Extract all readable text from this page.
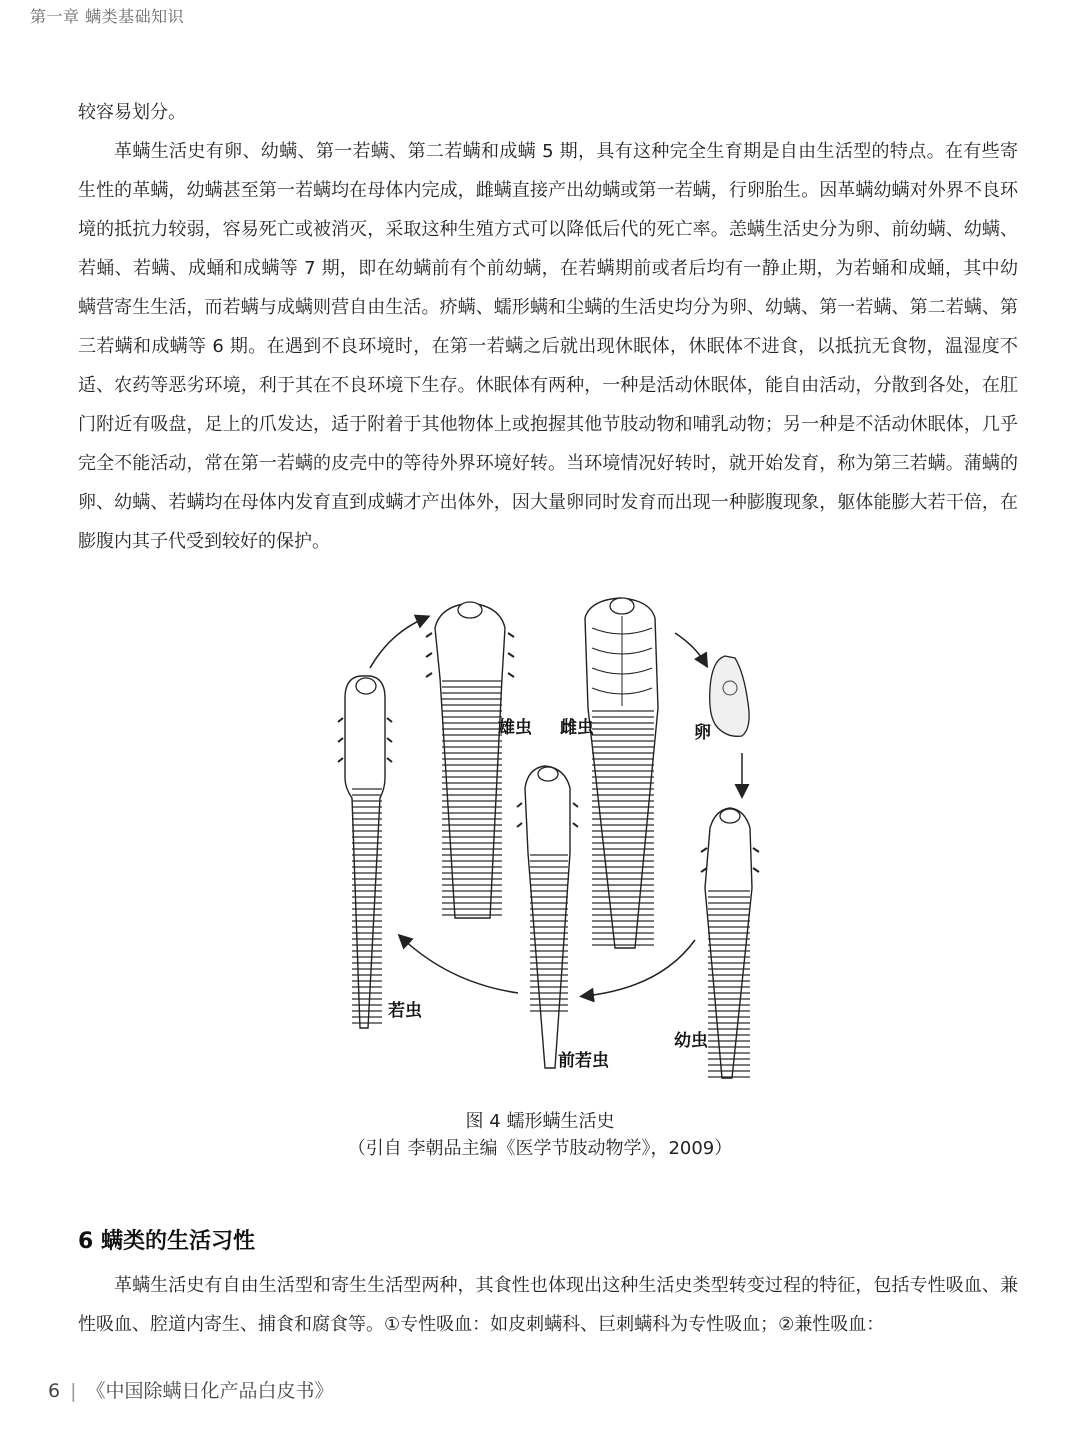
第一章 螨类基础知识

较容易划分。

革螨生活史有卵、幼螨、第一若螨、第二若螨和成螨 5 期，具有这种完全生育期是自由生活型的特点。在有些寄生性的革螨，幼螨甚至第一若螨均在母体内完成，雌螨直接产出幼螨或第一若螨，行卵胎生。因革螨幼螨对外界不良环境的抵抗力较弱，容易死亡或被消灭，采取这种生殖方式可以降低后代的死亡率。恙螨生活史分为卵、前幼螨、幼螨、若蛹、若螨、成蛹和成螨等 7 期，即在幼螨前有个前幼螨，在若螨期前或者后均有一静止期，为若蛹和成蛹，其中幼螨营寄生生活，而若螨与成螨则营自由生活。疥螨、蠕形螨和尘螨的生活史均分为卵、幼螨、第一若螨、第二若螨、第三若螨和成螨等 6 期。在遇到不良环境时，在第一若螨之后就出现休眠体，休眠体不进食，以抵抗无食物，温湿度不适、农药等恶劣环境，利于其在不良环境下生存。休眠体有两种，一种是活动休眠体，能自由活动，分散到各处，在肛门附近有吸盘，足上的爪发达，适于附着于其他物体上或抱握其他节肢动物和哺乳动物；另一种是不活动休眠体，几乎完全不能活动，常在第一若螨的皮壳中的等待外界环境好转。当环境情况好转时，就开始发育，称为第三若螨。蒲螨的卵、幼螨、若螨均在母体内发育直到成螨才产出体外，因大量卵同时发育而出现一种膨腹现象，躯体能膨大若干倍，在膨腹内其子代受到较好的保护。

雄虫 雌虫	卵
若虫
前若虫
幼虫
图 4 蠕形螨生活史
（引自 李朝品主编《医学节肢动物学》，2009）
6 螨类的生活习性

革螨生活史有自由生活型和寄生生活型两种，其食性也体现出这种生活史类型转变过程的特征，包括专性吸血、兼性吸血、腔道内寄生、捕食和腐食等。①专性吸血：如皮刺螨科、巨刺螨科为专性吸血；②兼性吸血：

6 | 《中国除螨日化产品白皮书》
